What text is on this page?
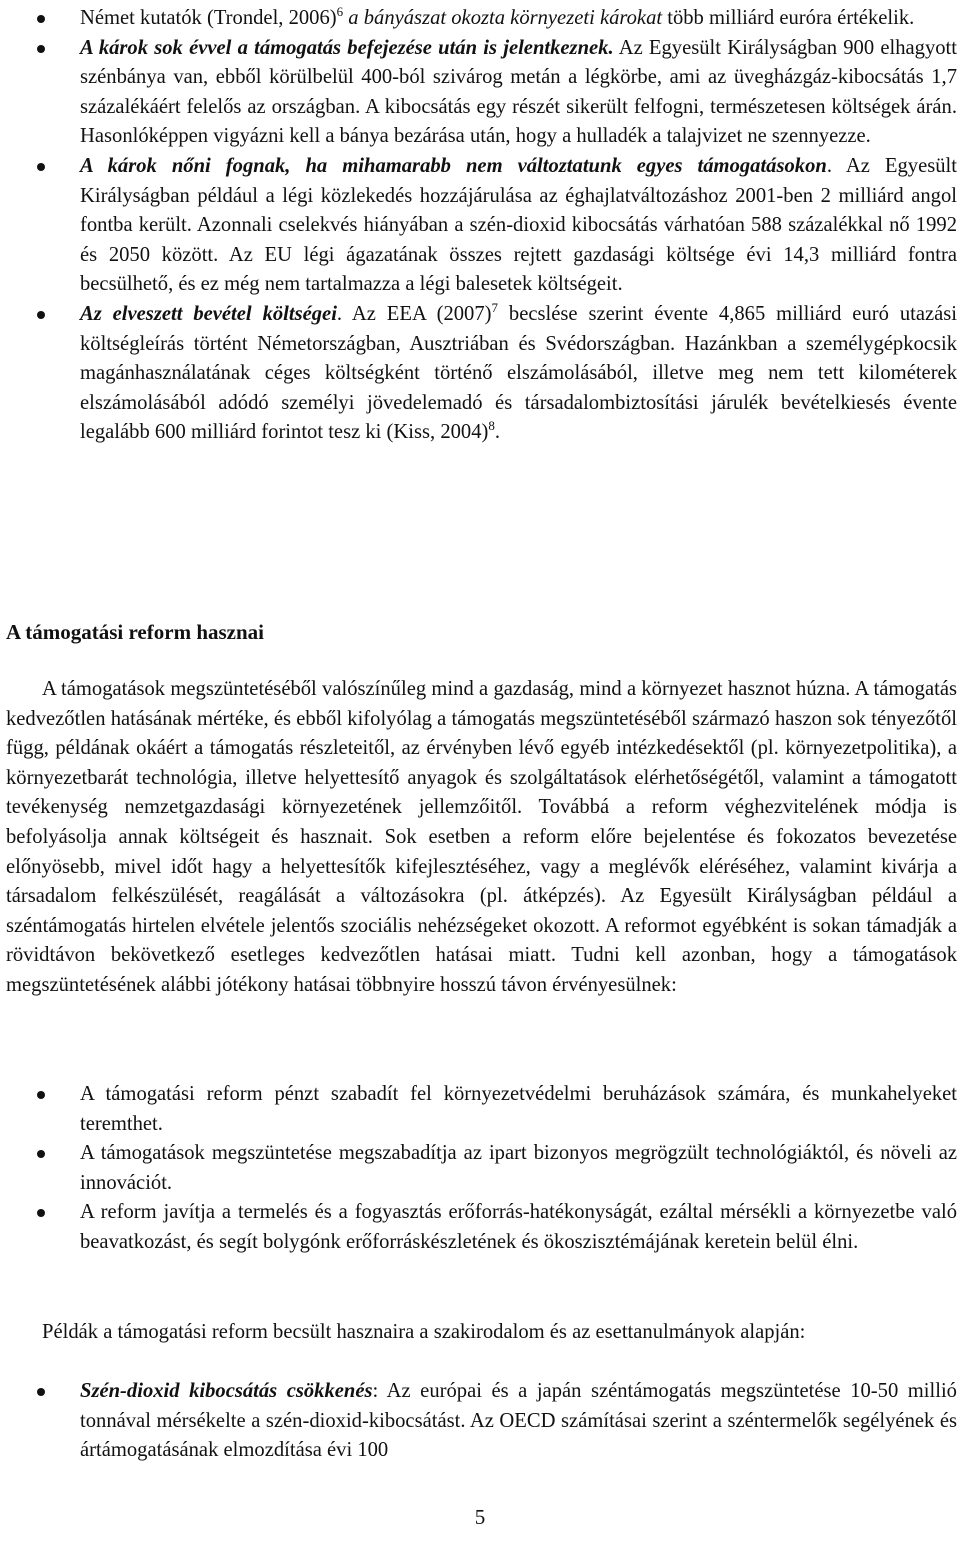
Német kutatók (Trondel, 2006)$^6$ a bányászat okozta környezeti károkat több milliárd euróra értékelik.
A károk sok évvel a támogatás befejezése után is jelentkeznek. Az Egyesült Királyságban 900 elhagyott szénbánya van, ebből körülbelül 400-ból szivárog metán a légkörbe, ami az üvegházgáz-kibocsátás 1,7 százalékáért felelős az országban. A kibocsátás egy részét sikerült felfogni, természetesen költségek árán. Hasonlóképpen vigyázni kell a bánya bezárása után, hogy a hulladék a talajvizet ne szennyezze.
A károk nőni fognak, ha mihamarabb nem változtatunk egyes támogatásokon. Az Egyesült Királyságban például a légi közlekedés hozzájárulása az éghajlatváltozáshoz 2001-ben 2 milliárd angol fontba került. Azonnali cselekvés hiányában a szén-dioxid kibocsátás várhatóan 588 százalékkal nő 1992 és 2050 között. Az EU légi ágazatának összes rejtett gazdasági költsége évi 14,3 milliárd fontra becsülhető, és ez még nem tartalmazza a légi balesetek költségeit.
Az elveszett bevétel költségei. Az EEA $(2007)^7$ becslése szerint évente 4,865 milliárd euró utazási költségleírás történt Németországban, Ausztriában és Svédországban. Hazánkban a személygépkocsik magánhasználatának céges költségként történő elszámolásából, illetve meg nem tett kilométerek elszámolásából adódó személyi jövedelemadó és társadalombiztosítási járulék bevételkiesés évente legalább 600 milliárd forintot tesz ki (Kiss, 2004)$^8$.
A támogatási reform hasznai
A támogatások megszüntetéséből valószínűleg mind a gazdaság, mind a környezet hasznot húzna. A támogatás kedvezőtlen hatásának mértéke, és ebből kifolyólag a támogatás megszüntetéséből származó haszon sok tényezőtől függ, példának okáért a támogatás részleteitől, az érvényben lévő egyéb intézkedésektől (pl. környezetpolitika), a környezetbarát technológia, illetve helyettesítő anyagok és szolgáltatások elérhetőségétől, valamint a támogatott tevékenység nemzetgazdasági környezetének jellemzőitől. Továbbá a reform véghezvitelének módja is befolyásolja annak költségeit és hasznait. Sok esetben a reform előre bejelentése és fokozatos bevezetése előnyösebb, mivel időt hagy a helyettesítők kifejlesztéséhez, vagy a meglévők eléréséhez, valamint kivárja a társadalom felkészülését, reagálását a változásokra (pl. átképzés). Az Egyesült Királyságban például a széntámogatás hirtelen elvétele jelentős szociális nehézségeket okozott. A reformot egyébként is sokan támadják a rövidtávon bekövetkező esetleges kedvezőtlen hatásai miatt. Tudni kell azonban, hogy a támogatások megszüntetésének alábbi jótékony hatásai többnyire hosszú távon érvényesülnek:
A támogatási reform pénzt szabadít fel környezetvédelmi beruházások számára, és munkahelyeket teremthet.
A támogatások megszüntetése megszabadítja az ipart bizonyos megrögzült technológiáktól, és növeli az innovációt.
A reform javítja a termelés és a fogyasztás erőforrás-hatékonyságát, ezáltal mérsékli a környezetbe való beavatkozást, és segít bolygónk erőforráskészletének és ökoszisztémájának keretein belül élni.
Példák a támogatási reform becsült hasznaira a szakirodalom és az esettanulmányok alapján:
Szén-dioxid kibocsátás csökkenés: Az európai és a japán széntámogatás megszüntetése 10-50 millió tonnával mérsékelte a szén-dioxid-kibocsátást. Az OECD számításai szerint a széntermelők segélyének és ártámogatásának elmozdítása évi 100
5
